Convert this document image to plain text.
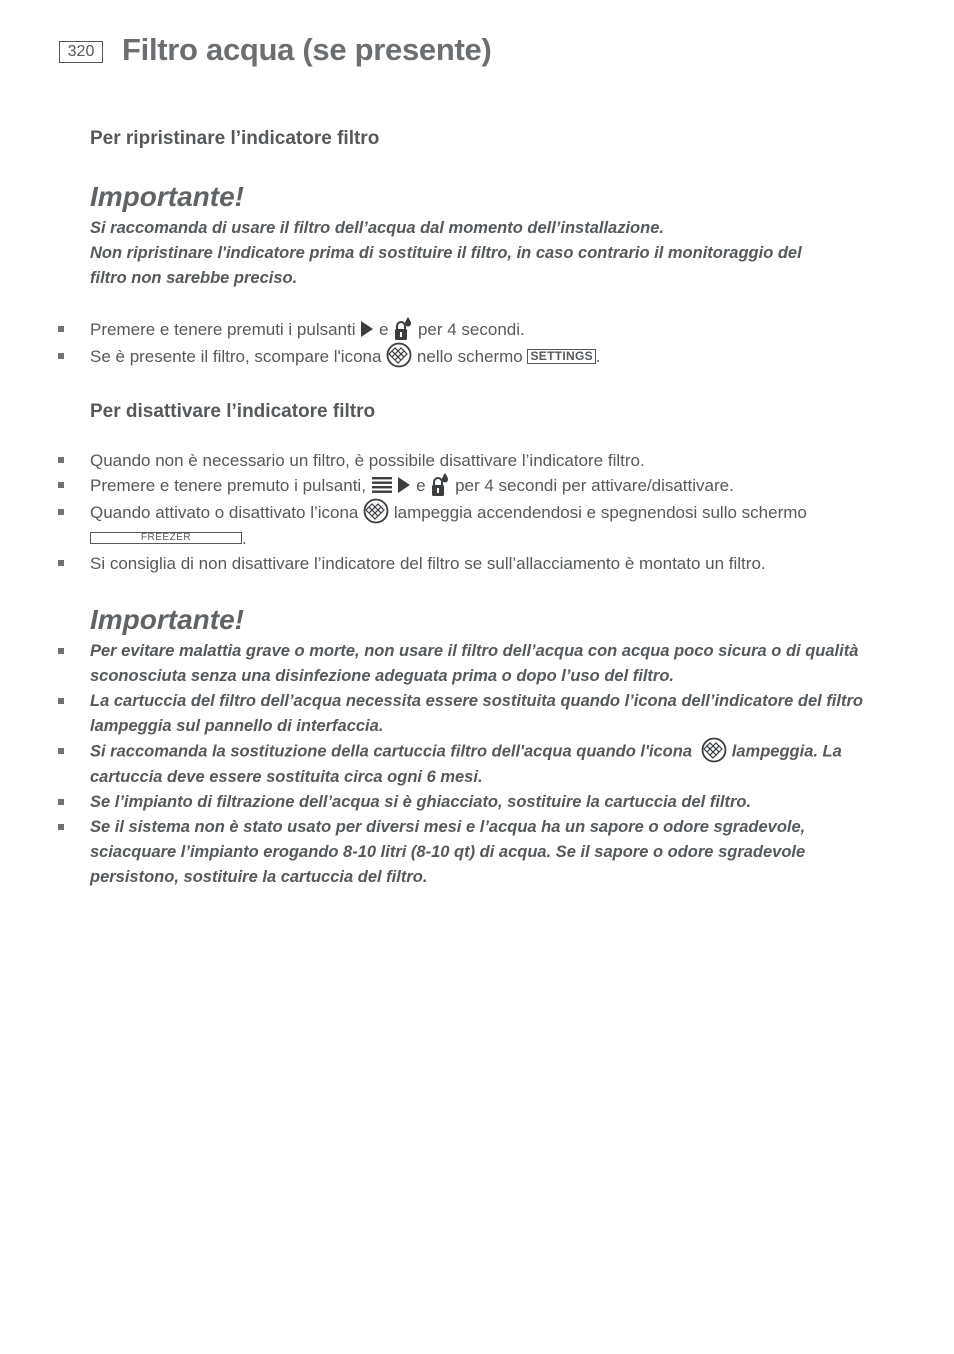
320 Filtro acqua (se presente)
Per ripristinare l’indicatore filtro
Importante!
Si raccomanda di usare il filtro dell’acqua dal momento dell’installazione.
Non ripristinare l'indicatore prima di sostituire il filtro, in caso contrario il monitoraggio del
filtro non sarebbe preciso.
Premere e tenere premuti i pulsanti e per 4 secondi.
Se è presente il filtro, scompare l'icona nello schermo SETTINGS .
Per disattivare l’indicatore filtro
Quando non è necessario un filtro, è possibile disattivare l’indicatore filtro.
Premere e tenere premuto i pulsanti,	e per 4 secondi per attivare/disattivare.
Quando attivato o disattivato l’icona lampeggia accendendosi e spegnendosi sullo schermo
FREEZER	.
Si consiglia di non disattivare l’indicatore del filtro se sull’allacciamento è montato un filtro.
Importante!
Per evitare malattia grave o morte, non usare il filtro dell’acqua con acqua poco sicura o di qualità
sconosciuta senza una disinfezione adeguata prima o dopo l’uso del filtro.
La cartuccia del filtro dell’acqua necessita essere sostituita quando l’icona dell’indicatore del filtro
lampeggia sul pannello di interfaccia.
Si raccomanda la sostituzione della cartuccia filtro dell'acqua quando l'icona lampeggia. La
cartuccia deve essere sostituita circa ogni 6 mesi.
Se l’impianto di filtrazione dell’acqua si è ghiacciato, sostituire la cartuccia del filtro.
Se il sistema non è stato usato per diversi mesi e l’acqua ha un sapore o odore sgradevole,
sciacquare l’impianto erogando 8-10 litri (8-10 qt) di acqua. Se il sapore o odore sgradevole
persistono, sostituire la cartuccia del filtro.
